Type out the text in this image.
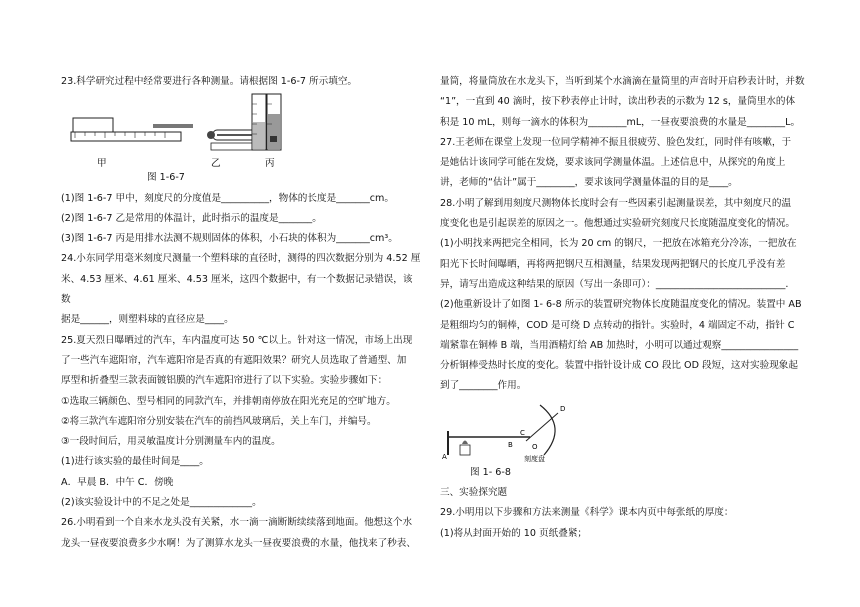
23.科学研究过程中经常要进行各种测量。请根据图 1-6-7 所示填空。

甲	乙	丙
图 1-6-7

(1)图 1-6-7 甲中，刻度尺的分度值是__________，物体的长度是_______cm。

(2)图 1-6-7 乙是常用的体温计，此时指示的温度是_______。

(3)图 1-6-7 丙是用排水法测不规则固体的体积，小石块的体积为_______cm³。

24.小东同学用毫米刻度尺测量一个塑料球的直径时，测得的四次数据分别为 4.52 厘

米、4.53 厘米、4.61 厘米、4.53 厘米，这四个数据中，有一个数据记录错误，该数

据是______，则塑料球的直径应是____。

25.夏天烈日曝晒过的汽车，车内温度可达 50 ℃以上。针对这一情况，市场上出现

了一些汽车遮阳帘，汽车遮阳帘是否真的有遮阳效果？研究人员选取了普通型、加

厚型和折叠型三款表面镀铝膜的汽车遮阳帘进行了以下实验。实验步骤如下：

①选取三辆颜色、型号相同的同款汽车，并排朝南停放在阳光充足的空旷地方。

②将三款汽车遮阳帘分别安装在汽车的前挡风玻璃后，关上车门，并编号。

③一段时间后，用灵敏温度计分别测量车内的温度。

(1)进行该实验的最佳时间是____。

A．早晨 B．中午 C．傍晚

(2)该实验设计中的不足之处是_____________。

26.小明看到一个自来水龙头没有关紧，水一滴一滴断断续续落到地面。他想这个水

龙头一昼夜要浪费多少水啊！为了测算水龙头一昼夜要浪费的水量，他找来了秒表、

量筒，将量筒放在水龙头下，当听到某个水滴滴在量筒里的声音时开启秒表计时，并数

“1”，一直到 40 滴时，按下秒表停止计时，读出秒表的示数为 12 s，量筒里水的体

积是 10 mL，则每一滴水的体积为________mL，一昼夜要浪费的水量是________L。

27.王老师在课堂上发现一位同学精神不振且很疲劳、脸色发红，同时伴有咳嗽，于

是她估计该同学可能在发烧，要求该同学测量体温。上述信息中，从探究的角度上

讲，老师的“估计”属于________，要求该同学测量体温的目的是____。

28.小明了解到用刻度尺测物体长度时会有一些因素引起测量误差，其中刻度尺的温

度变化也是引起误差的原因之一。他想通过实验研究刻度尺长度随温度变化的情况。

(1)小明找来两把完全相同，长为 20 cm 的钢尺，一把放在冰箱充分冷冻，一把放在

阳光下长时间曝晒，再将两把钢尺互相测量，结果发现两把钢尺的长度几乎没有差

异，请写出造成这种结果的原因（写出一条即可）：___________________________.

(2)他重新设计了如图 1- 6-8 所示的装置研究物体长度随温度变化的情况。装置中 AB

是粗细均匀的铜棒，COD 是可绕 D 点转动的指针。实验时，4 端固定不动，指针 C

端紧靠在铜棒 B 端，当用酒精灯给 AB 加热时，小明可以通过观察________________

分析铜棒受热时长度的变化。装置中指针设计成 CO 段比 OD 段短，这对实验现象起

到了________作用。

A
B
C
O
D
刻度盘
图 1- 6-8

三、实验探究题

29.小明用以下步骤和方法来测量《科学》课本内页中每张纸的厚度：

(1)将从封面开始的 10 页纸叠紧；
